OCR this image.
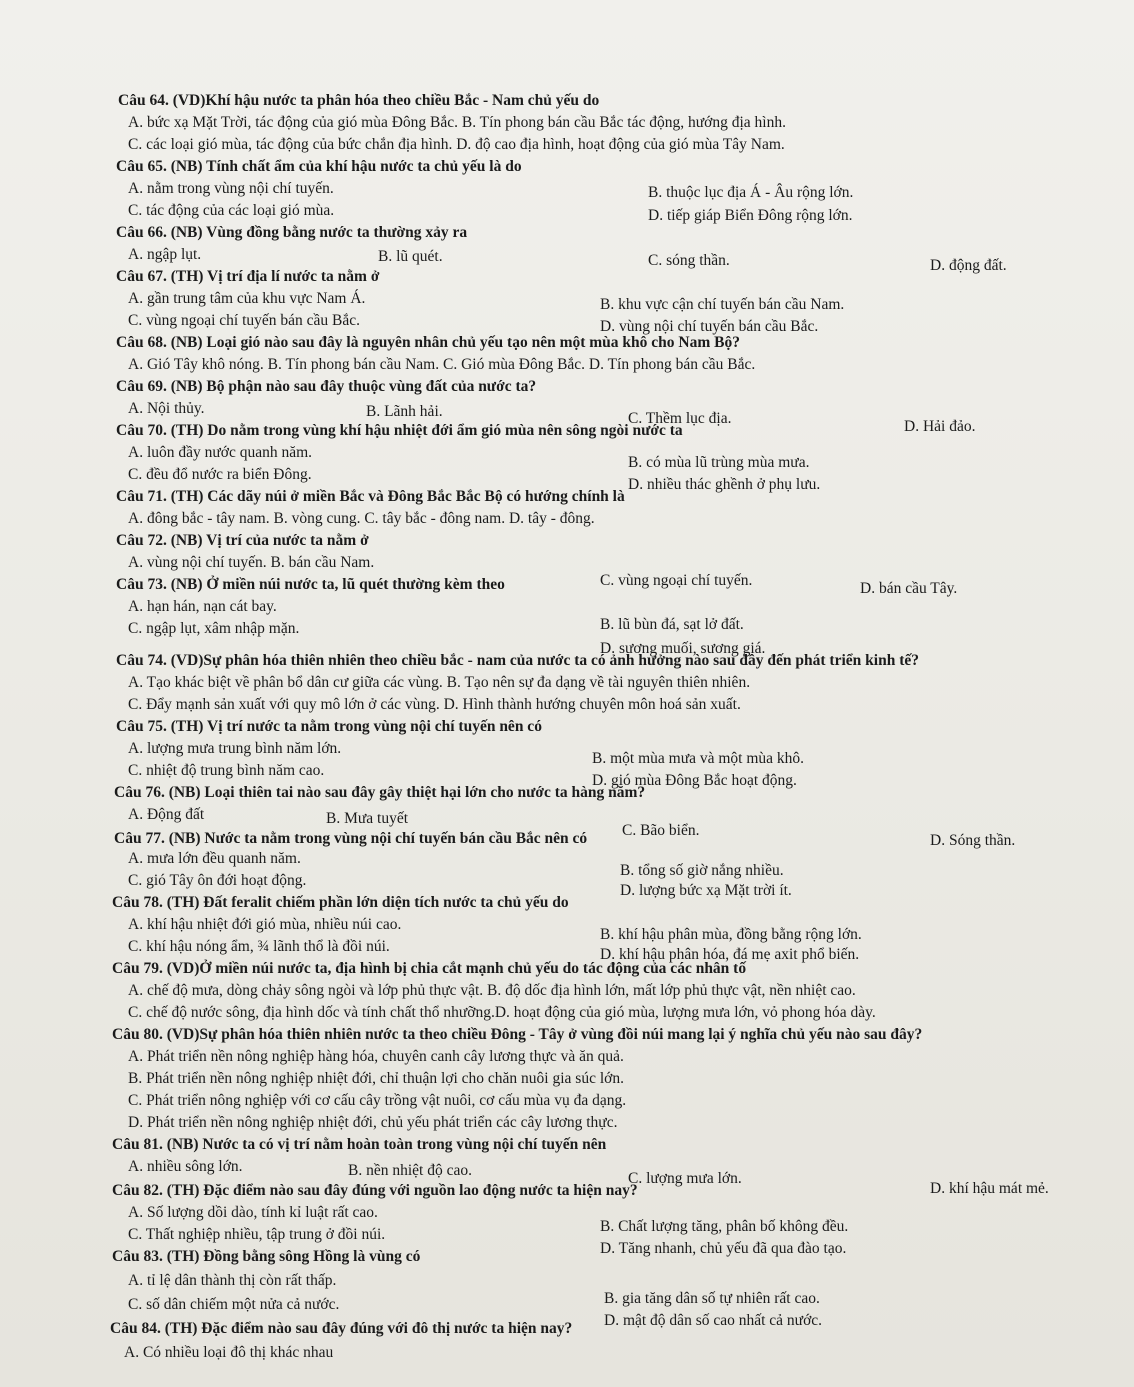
Câu 64. (VD)Khí hậu nước ta phân hóa theo chiều Bắc - Nam chủ yếu do
A. bức xạ Mặt Trời, tác động của gió mùa Đông Bắc. B. Tín phong bán cầu Bắc tác động, hướng địa hình.
C. các loại gió mùa, tác động của bức chắn địa hình. D. độ cao địa hình, hoạt động của gió mùa Tây Nam.
Câu 65. (NB) Tính chất ẩm của khí hậu nước ta chủ yếu là do
A. nằm trong vùng nội chí tuyến.	B. thuộc lục địa Á - Âu rộng lớn.
C. tác động của các loại gió mùa.	D. tiếp giáp Biển Đông rộng lớn.
Câu 66. (NB) Vùng đồng bằng nước ta thường xảy ra
A. ngập lụt.	B. lũ quét.	C. sóng thần.	D. động đất.
Câu 67. (TH) Vị trí địa lí nước ta nằm ở
A. gần trung tâm của khu vực Nam Á.	B. khu vực cận chí tuyến bán cầu Nam.
C. vùng ngoại chí tuyến bán cầu Bắc.	D. vùng nội chí tuyến bán cầu Bắc.
Câu 68. (NB) Loại gió nào sau đây là nguyên nhân chủ yếu tạo nên một mùa khô cho Nam Bộ?
A. Gió Tây khô nóng. B. Tín phong bán cầu Nam. C. Gió mùa Đông Bắc. D. Tín phong bán cầu Bắc.
Câu 69. (NB) Bộ phận nào sau đây thuộc vùng đất của nước ta?
A. Nội thủy.	B. Lãnh hải.	C. Thềm lục địa.	D. Hải đảo.
Câu 70. (TH) Do nằm trong vùng khí hậu nhiệt đới ẩm gió mùa nên sông ngòi nước ta
A. luôn đầy nước quanh năm.
B. có mùa lũ trùng mùa mưa.
C. đều đổ nước ra biển Đông.
D. nhiều thác ghềnh ở phụ lưu.
Câu 71. (TH) Các dãy núi ở miền Bắc và Đông Bắc Bắc Bộ có hướng chính là
A. đông bắc - tây nam. B. vòng cung. C. tây bắc - đông nam. D. tây - đông.
Câu 72. (NB) Vị trí của nước ta nằm ở
A. vùng nội chí tuyến. B. bán cầu Nam.
C. vùng ngoại chí tuyến.	D. bán cầu Tây.
Câu 73. (NB) Ở miền núi nước ta, lũ quét thường kèm theo
A. hạn hán, nạn cát bay.
B. lũ bùn đá, sạt lở đất.
C. ngập lụt, xâm nhập mặn.
D. sương muối, sương giá.
Câu 74. (VD)Sự phân hóa thiên nhiên theo chiều bắc - nam của nước ta có ảnh hưởng nào sau đây đến phát triển kinh tế?
A. Tạo khác biệt về phân bổ dân cư giữa các vùng. B. Tạo nên sự đa dạng về tài nguyên thiên nhiên.
C. Đẩy mạnh sản xuất với quy mô lớn ở các vùng. D. Hình thành hướng chuyên môn hoá sản xuất.
Câu 75. (TH) Vị trí nước ta nằm trong vùng nội chí tuyến nên có
A. lượng mưa trung bình năm lớn.
B. một mùa mưa và một mùa khô.
C. nhiệt độ trung bình năm cao.
D. gió mùa Đông Bắc hoạt động.
Câu 76. (NB) Loại thiên tai nào sau đây gây thiệt hại lớn cho nước ta hàng năm?
A. Động đất	B. Mưa tuyết
C. Bão biển.
D. Sóng thần.
Câu 77. (NB) Nước ta nằm trong vùng nội chí tuyến bán cầu Bắc nên có
A. mưa lớn đều quanh năm.
B. tổng số giờ nắng nhiều.
C. gió Tây ôn đới hoạt động.
D. lượng bức xạ Mặt trời ít.
Câu 78. (TH) Đất feralit chiếm phần lớn diện tích nước ta chủ yếu do
A. khí hậu nhiệt đới gió mùa, nhiều núi cao.
B. khí hậu phân mùa, đồng bằng rộng lớn.
C. khí hậu nóng ẩm, ¾ lãnh thổ là đồi núi.	D. khí hậu phân hóa, đá mẹ axit phổ biến.
Câu 79. (VD)Ở miền núi nước ta, địa hình bị chia cắt mạnh chủ yếu do tác động của các nhân tố
A. chế độ mưa, dòng chảy sông ngòi và lớp phủ thực vật. B. độ dốc địa hình lớn, mất lớp phủ thực vật, nền nhiệt cao.
C. chế độ nước sông, địa hình dốc và tính chất thổ nhưỡng.D. hoạt động của gió mùa, lượng mưa lớn, vỏ phong hóa dày.
Câu 80. (VD)Sự phân hóa thiên nhiên nước ta theo chiều Đông - Tây ở vùng đồi núi mang lại ý nghĩa chủ yếu nào sau đây?
A. Phát triển nền nông nghiệp hàng hóa, chuyên canh cây lương thực và ăn quả.
B. Phát triển nền nông nghiệp nhiệt đới, chỉ thuận lợi cho chăn nuôi gia súc lớn.
C. Phát triển nông nghiệp với cơ cấu cây trồng vật nuôi, cơ cấu mùa vụ đa dạng.
D. Phát triển nền nông nghiệp nhiệt đới, chủ yếu phát triển các cây lương thực.
Câu 81. (NB) Nước ta có vị trí nằm hoàn toàn trong vùng nội chí tuyến nên
A. nhiều sông lớn.	B. nền nhiệt độ cao.	C. lượng mưa lớn.
D. khí hậu mát mẻ.
Câu 82. (TH) Đặc điểm nào sau đây đúng với nguồn lao động nước ta hiện nay?
A. Số lượng dồi dào, tính kỉ luật rất cao.
B. Chất lượng tăng, phân bố không đều.
C. Thất nghiệp nhiều, tập trung ở đồi núi.
D. Tăng nhanh, chủ yếu đã qua đào tạo.
Câu 83. (TH) Đồng bằng sông Hồng là vùng có
A. tỉ lệ dân thành thị còn rất thấp.
B. gia tăng dân số tự nhiên rất cao.
C. số dân chiếm một nửa cả nước.
D. mật độ dân số cao nhất cả nước.
Câu 84. (TH) Đặc điểm nào sau đây đúng với đô thị nước ta hiện nay?
A. Có nhiều loại đô thị khác nhau
